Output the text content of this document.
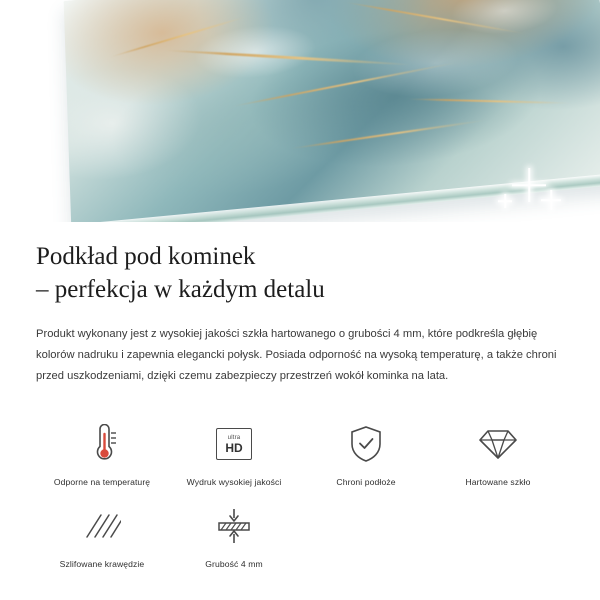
Podkład pod kominek
– perfekcja w każdym detalu

Produkt wykonany jest z wysokiej jakości szkła hartowanego o grubości 4 mm, które podkreśla głębię kolorów nadruku i zapewnia elegancki połysk. Posiada odporność na wysoką temperaturę, a także chroni przed uszkodzeniami, dzięki czemu zabezpieczy przestrzeń wokół kominka na lata.

Odporne na temperaturę
ultra
HD
Wydruk wysokiej jakości	Chroni podłoże	Hartowane szkło
Szlifowane krawędzie	Grubość 4 mm
